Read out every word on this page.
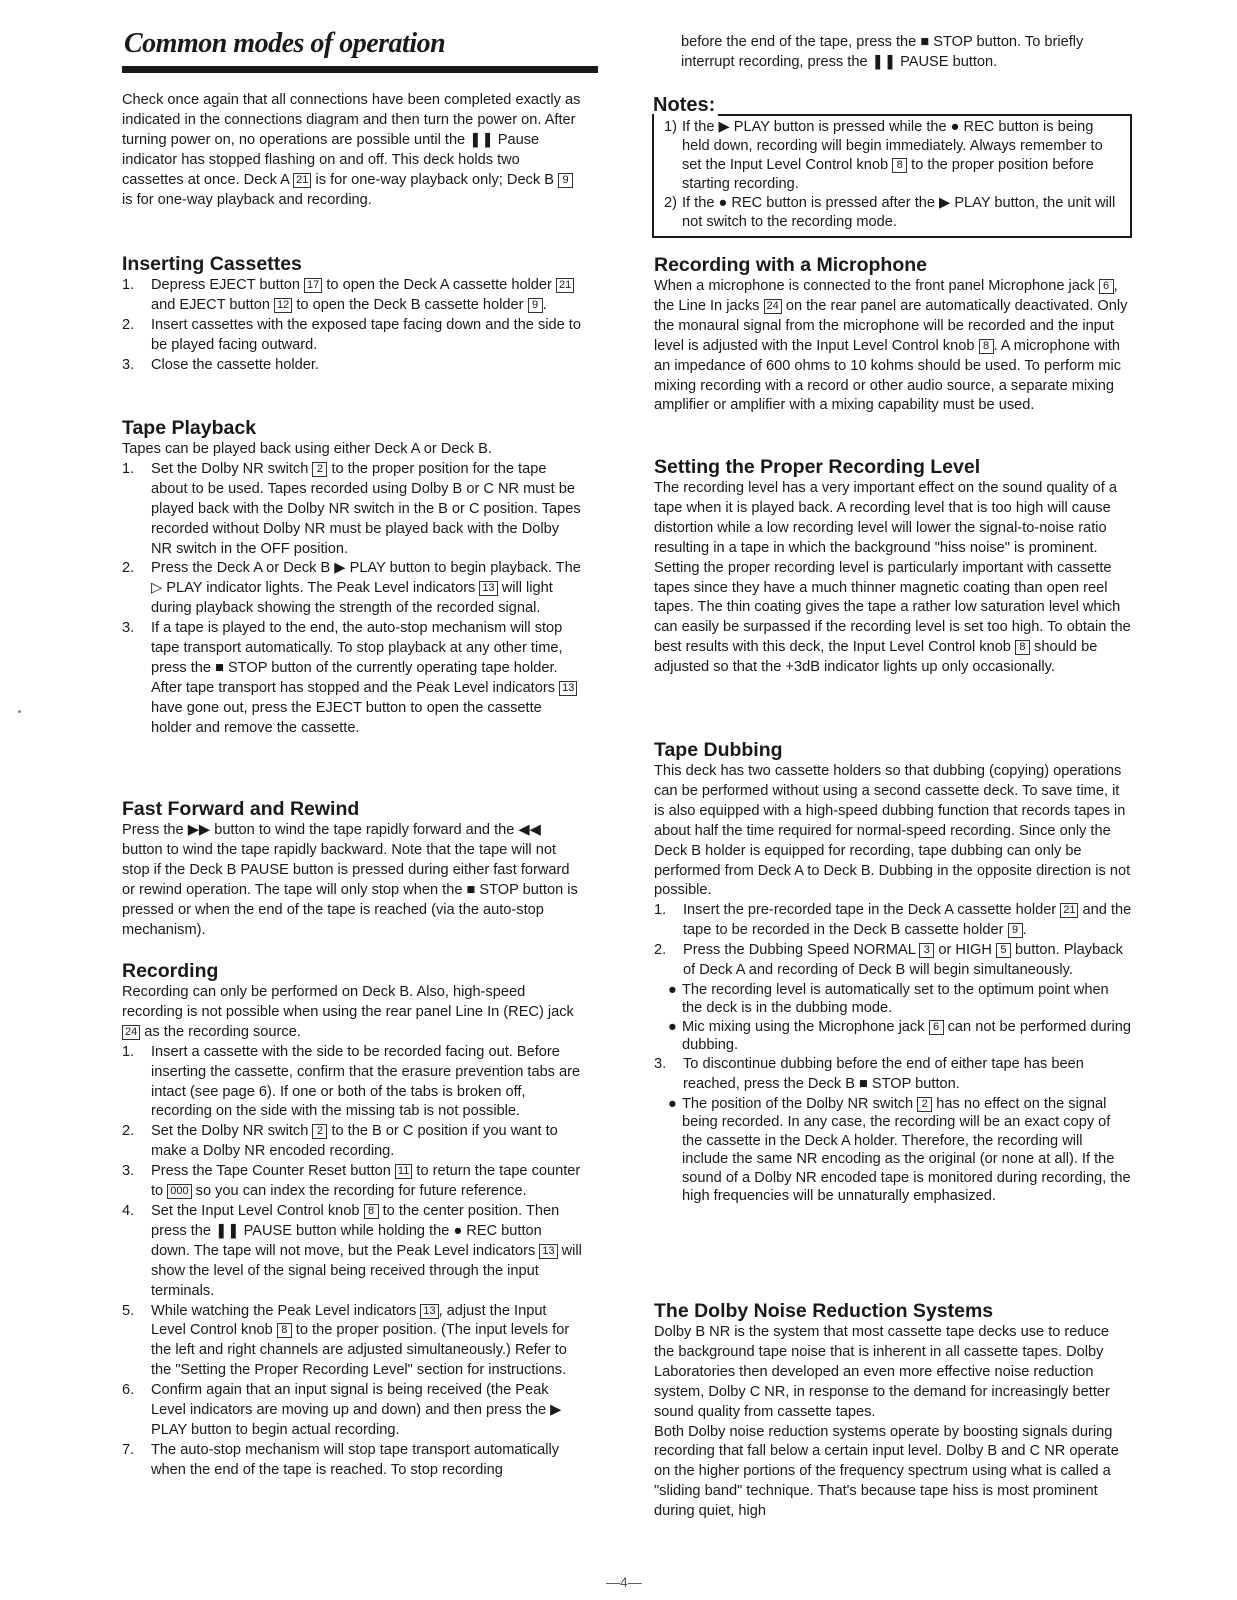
Common modes of operation

Check once again that all connections have been completed exactly as indicated in the connections diagram and then turn the power on. After turning power on, no operations are possible until the ❚❚ Pause indicator has stopped flashing on and off. This deck holds two cassettes at once. Deck A 21 is for one-way playback only; Deck B 9 is for one-way playback and recording.

Inserting Cassettes
1. Depress EJECT button 17 to open the Deck A cassette holder 21 and EJECT button 12 to open the Deck B cassette holder 9 .
2. Insert cassettes with the exposed tape facing down and the side to be played facing outward.
3. Close the cassette holder.
Tape Playback

Tapes can be played back using either Deck A or Deck B.

1. Set the Dolby NR switch 2 to the proper position for the tape about to be used. Tapes recorded using Dolby B or C NR must be played back with the Dolby NR switch in the B or C position. Tapes recorded without Dolby NR must be played back with the Dolby NR switch in the OFF position.
2. Press the Deck A or Deck B ▶ PLAY button to begin playback. The ▷ PLAY indicator lights. The Peak Level indicators 13 will light during playback showing the strength of the recorded signal.
3. If a tape is played to the end, the auto-stop mechanism will stop tape transport automatically. To stop playback at any other time, press the ■ STOP button of the currently operating tape holder. After tape transport has stopped and the Peak Level indicators 13 have gone out, press the EJECT button to open the cassette holder and remove the cassette.
Fast Forward and Rewind

Press the ▶▶ button to wind the tape rapidly forward and the ◀◀ button to wind the tape rapidly backward. Note that the tape will not stop if the Deck B PAUSE button is pressed during either fast forward or rewind operation. The tape will only stop when the ■ STOP button is pressed or when the end of the tape is reached (via the auto-stop mechanism).

Recording

Recording can only be performed on Deck B. Also, high-speed recording is not possible when using the rear panel Line In (REC) jack 24 as the recording source.

1. Insert a cassette with the side to be recorded facing out. Before inserting the cassette, confirm that the erasure prevention tabs are intact (see page 6). If one or both of the tabs is broken off, recording on the side with the missing tab is not possible.
2. Set the Dolby NR switch 2 to the B or C position if you want to make a Dolby NR encoded recording.
3. Press the Tape Counter Reset button 11 to return the tape counter to 000 so you can index the recording for future reference.
4. Set the Input Level Control knob 8 to the center position. Then press the ❚❚ PAUSE button while holding the ● REC button down. The tape will not move, but the Peak Level indicators 13 will show the level of the signal being received through the input terminals.
5. While watching the Peak Level indicators 13 , adjust the Input Level Control knob 8 to the proper position. (The input levels for the left and right channels are adjusted simultaneously.) Refer to the "Setting the Proper Recording Level" section for instructions.
6. Confirm again that an input signal is being received (the Peak Level indicators are moving up and down) and then press the ▶ PLAY button to begin actual recording.
7. The auto-stop mechanism will stop tape transport automatically when the end of the tape is reached. To stop recording

before the end of the tape, press the ■ STOP button. To briefly interrupt recording, press the ❚❚ PAUSE button.

Notes:
1) If the ▶ PLAY button is pressed while the ● REC button is being held down, recording will begin immediately. Always remember to set the Input Level Control knob 8 to the proper position before starting recording.
2) If the ● REC button is pressed after the ▶ PLAY button, the unit will not switch to the recording mode.
Recording with a Microphone

When a microphone is connected to the front panel Microphone jack 6 , the Line In jacks 24 on the rear panel are automatically deactivated. Only the monaural signal from the microphone will be recorded and the input level is adjusted with the Input Level Control knob 8 . A microphone with an impedance of 600 ohms to 10 kohms should be used. To perform mic mixing recording with a record or other audio source, a separate mixing amplifier or amplifier with a mixing capability must be used.

Setting the Proper Recording Level

The recording level has a very important effect on the sound quality of a tape when it is played back. A recording level that is too high will cause distortion while a low recording level will lower the signal-to-noise ratio resulting in a tape in which the background "hiss noise" is prominent. Setting the proper recording level is particularly important with cassette tapes since they have a much thinner magnetic coating than open reel tapes. The thin coating gives the tape a rather low saturation level which can easily be surpassed if the recording level is set too high. To obtain the best results with this deck, the Input Level Control knob 8 should be adjusted so that the +3dB indicator lights up only occasionally.

Tape Dubbing

This deck has two cassette holders so that dubbing (copying) operations can be performed without using a second cassette deck. To save time, it is also equipped with a high-speed dubbing function that records tapes in about half the time required for normal-speed recording. Since only the Deck B holder is equipped for recording, tape dubbing can only be performed from Deck A to Deck B. Dubbing in the opposite direction is not possible.

1. Insert the pre-recorded tape in the Deck A cassette holder 21 and the tape to be recorded in the Deck B cassette holder 9 .
2. Press the Dubbing Speed NORMAL 3 or HIGH 5 button. Playback of Deck A and recording of Deck B will begin simultaneously.
● The recording level is automatically set to the optimum point when the deck is in the dubbing mode.
● Mic mixing using the Microphone jack 6 can not be performed during dubbing.
3. To discontinue dubbing before the end of either tape has been reached, press the Deck B ■ STOP button.
● The position of the Dolby NR switch 2 has no effect on the signal being recorded. In any case, the recording will be an exact copy of the cassette in the Deck A holder. Therefore, the recording will include the same NR encoding as the original (or none at all). If the sound of a Dolby NR encoded tape is monitored during recording, the high frequencies will be unnaturally emphasized.
The Dolby Noise Reduction Systems

Dolby B NR is the system that most cassette tape decks use to reduce the background tape noise that is inherent in all cassette tapes. Dolby Laboratories then developed an even more effective noise reduction system, Dolby C NR, in response to the demand for increasingly better sound quality from cassette tapes.

Both Dolby noise reduction systems operate by boosting signals during recording that fall below a certain input level. Dolby B and C NR operate on the higher portions of the frequency spectrum using what is called a "sliding band" technique. That's because tape hiss is most prominent during quiet, high

—4—
